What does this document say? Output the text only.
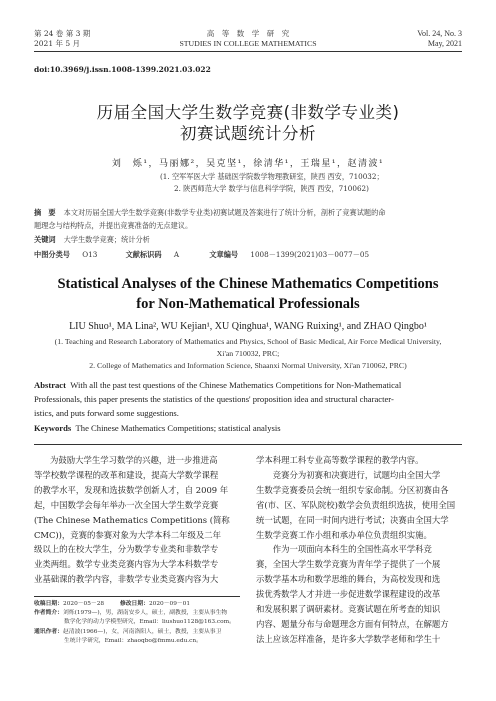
第 24 卷 第 3 期
2021 年 5 月
高　等　数　学　研　究
STUDIES IN COLLEGE MATHEMATICS
Vol. 24, No. 3
May, 2021
doi:10.3969/j.issn.1008-1399.2021.03.022
历届全国大学生数学竞赛(非数学专业类)
初赛试题统计分析
刘　烁¹，马丽娜²，吴克坚¹，徐清华¹，王瑞星¹，赵清波¹
(1. 空军军医大学 基础医学院数学物理教研室，陕西 西安，710032；
2. 陕西师范大学 数学与信息科学学院，陕西 西安，710062)
摘　要 本文对历届全国大学生数学竞赛(非数学专业类)初赛试题及答案进行了统计分析，剖析了竞赛试题的命
题理念与结构特点，并提出竞赛准备的无点建议。
关键词 大学生数学竞赛；统计分析
中图分类号 O13	文献标识码 A	文章编号 1008－1399(2021)03－0077－05
Statistical Analyses of the Chinese Mathematics Competitions
for Non-Mathematical Professionals
LIU Shuo¹, MA Lina², WU Kejian¹, XU Qinghua¹, WANG Ruixing¹, and ZHAO Qingbo¹
(1. Teaching and Research Laboratory of Mathematics and Physics, School of Basic Medical, Air Force Medical University,
Xi'an 710032, PRC;
2. College of Mathematics and Information Science, Shaanxi Normal University, Xi'an 710062, PRC)
Abstract With all the past test questions of the Chinese Mathematics Competitions for Non-Mathematical
Professionals, this paper presents the statistics of the questions' proposition idea and structural character-
istics, and puts forward some suggestions.
Keywords The Chinese Mathematics Competitions; statistical analysis
为鼓励大学生学习数学的兴趣，进一步推进高
等学校数学课程的改革和建设，提高大学数学课程
的教学水平，发现和选拔数学创新人才，自 2009 年
起，中国数学会每年举办一次全国大学生数学竞赛
(The Chinese Mathematics Competitions (简称
CMC))，竞赛的参赛对象为大学本科二年级及二年
级以上的在校大学生，分为数学专业类和非数学专
业类两组。数学专业类竞赛内容为大学本科数学专
业基础课的教学内容，非数学专业类竞赛内容为大
收稿日期：2020－05－28	修改日期：2020－09－01
作者简介：刘烁(1979—)，男，湖南安乡人，硕士，副教授，主要从事生物
数学化学的动力学模型研究，Email：liushuo1128@163.com。
通讯作者：赵清波(1966—)，女，河南洛阳人，硕士，教授，主要从事卫
生统计学研究，Email：zhaoqbo@fmmu.edu.cn。
学本科理工科专业高等数学课程的教学内容。
　　竞赛分为初赛和决赛进行，试题均由全国大学
生数学竞赛委员会统一组织专家命制。分区初赛由各
省(市、区、军队院校)数学会负责组织选拔，使用全国
统一试题，在同一时间内进行考试；决赛由全国大学
生数学竞赛工作小组和承办单位负责组织实施。
　　作为一项面向本科生的全国性高水平学科竞
赛，全国大学生数学竞赛为青年学子提供了一个展
示数学基本功和数学思维的舞台，为高校发现和选
拔优秀数学人才并进一步促进数学课程建设的改革
和发展积累了调研素材。竞赛试题在所考查的知识
内容、题量分布与命题理念方面有何特点，在解题方
法上应该怎样准备，是许多大学数学老师和学生十
